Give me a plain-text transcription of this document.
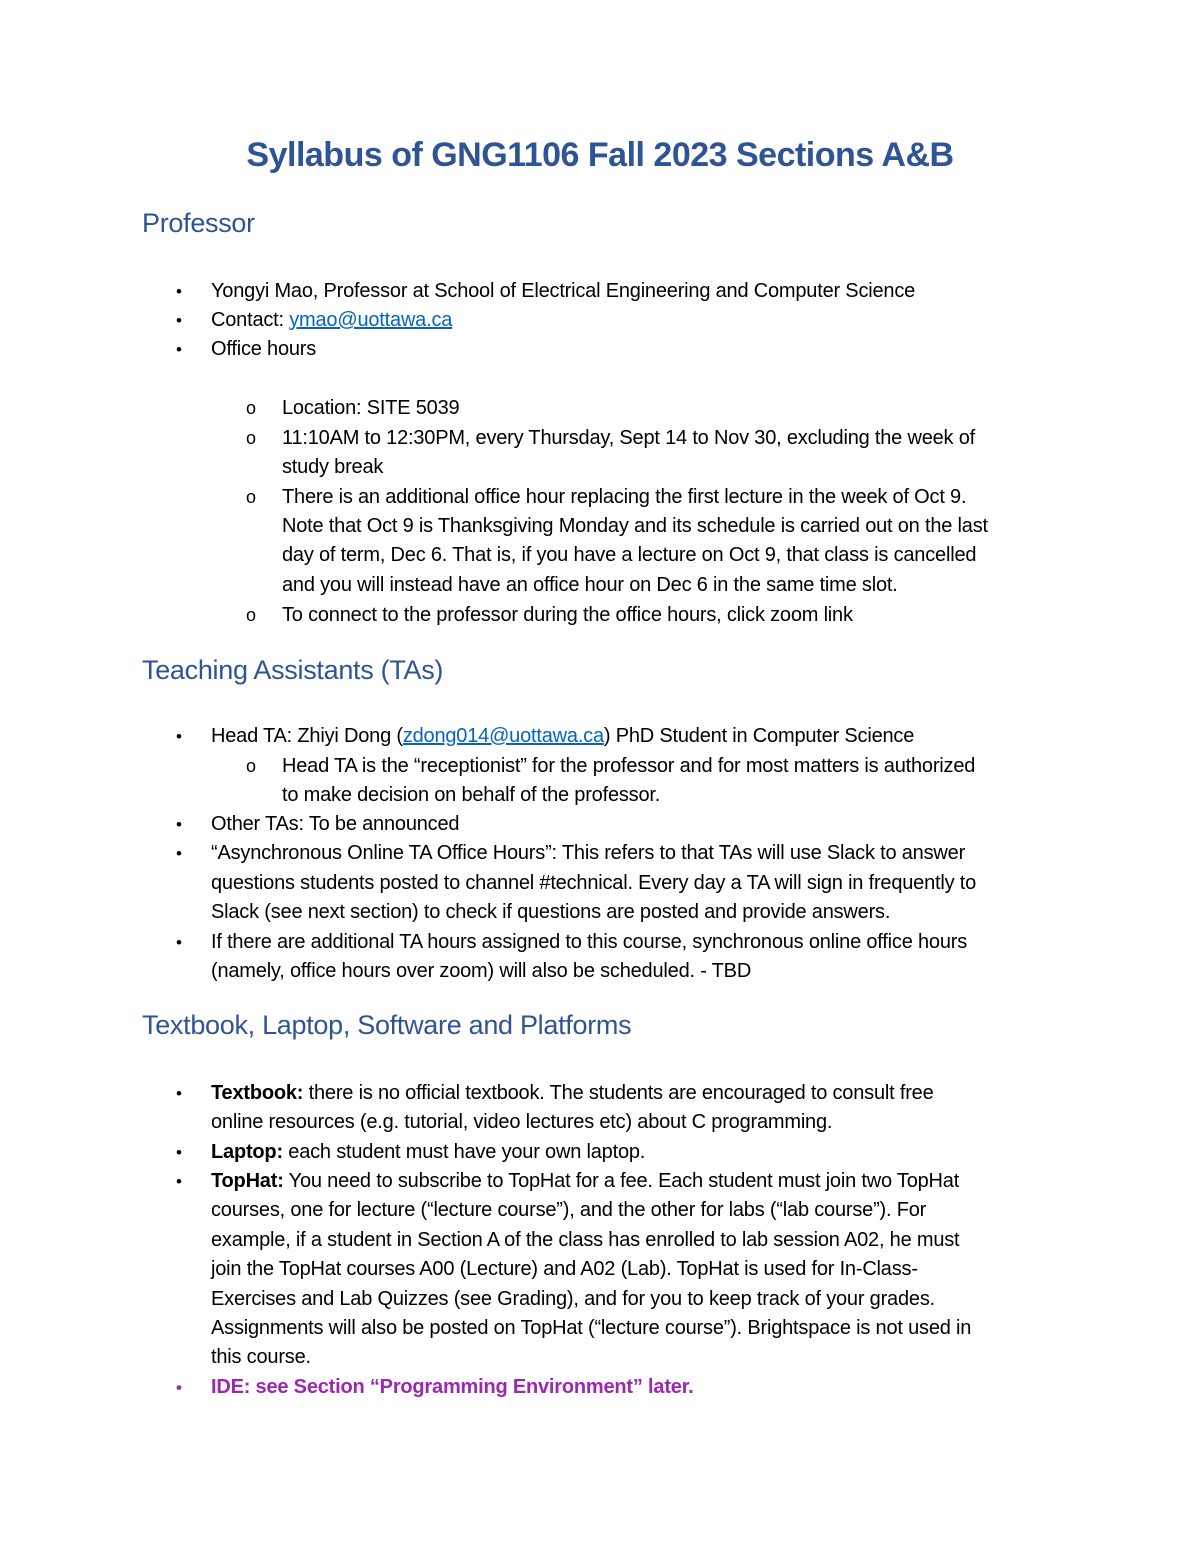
Syllabus of GNG1106 Fall 2023 Sections A&B
Professor
• Yongyi Mao, Professor at School of Electrical Engineering and Computer Science
• Contact: ymao@uottawa.ca
• Office hours
o Location: SITE 5039
o 11:10AM to 12:30PM, every Thursday, Sept 14 to Nov 30, excluding the week of
study break
o There is an additional office hour replacing the first lecture in the week of Oct 9.
Note that Oct 9 is Thanksgiving Monday and its schedule is carried out on the last
day of term, Dec 6. That is, if you have a lecture on Oct 9, that class is cancelled
and you will instead have an office hour on Dec 6 in the same time slot.
o To connect to the professor during the office hours, click zoom link
Teaching Assistants (TAs)
• Head TA: Zhiyi Dong (zdong014@uottawa.ca) PhD Student in Computer Science
o Head TA is the “receptionist” for the professor and for most matters is authorized
to make decision on behalf of the professor.
• Other TAs: To be announced
• “Asynchronous Online TA Office Hours”: This refers to that TAs will use Slack to answer
questions students posted to channel #technical. Every day a TA will sign in frequently to
Slack (see next section) to check if questions are posted and provide answers.
• If there are additional TA hours assigned to this course, synchronous online office hours
(namely, office hours over zoom) will also be scheduled. - TBD
Textbook, Laptop, Software and Platforms
• Textbook: there is no official textbook. The students are encouraged to consult free
online resources (e.g. tutorial, video lectures etc) about C programming.
• Laptop: each student must have your own laptop.
• TopHat: You need to subscribe to TopHat for a fee. Each student must join two TopHat
courses, one for lecture (“lecture course”), and the other for labs (“lab course”). For
example, if a student in Section A of the class has enrolled to lab session A02, he must
join the TopHat courses A00 (Lecture) and A02 (Lab). TopHat is used for In-Class-
Exercises and Lab Quizzes (see Grading), and for you to keep track of your grades.
Assignments will also be posted on TopHat (“lecture course”). Brightspace is not used in
this course.
• IDE: see Section “Programming Environment” later.
